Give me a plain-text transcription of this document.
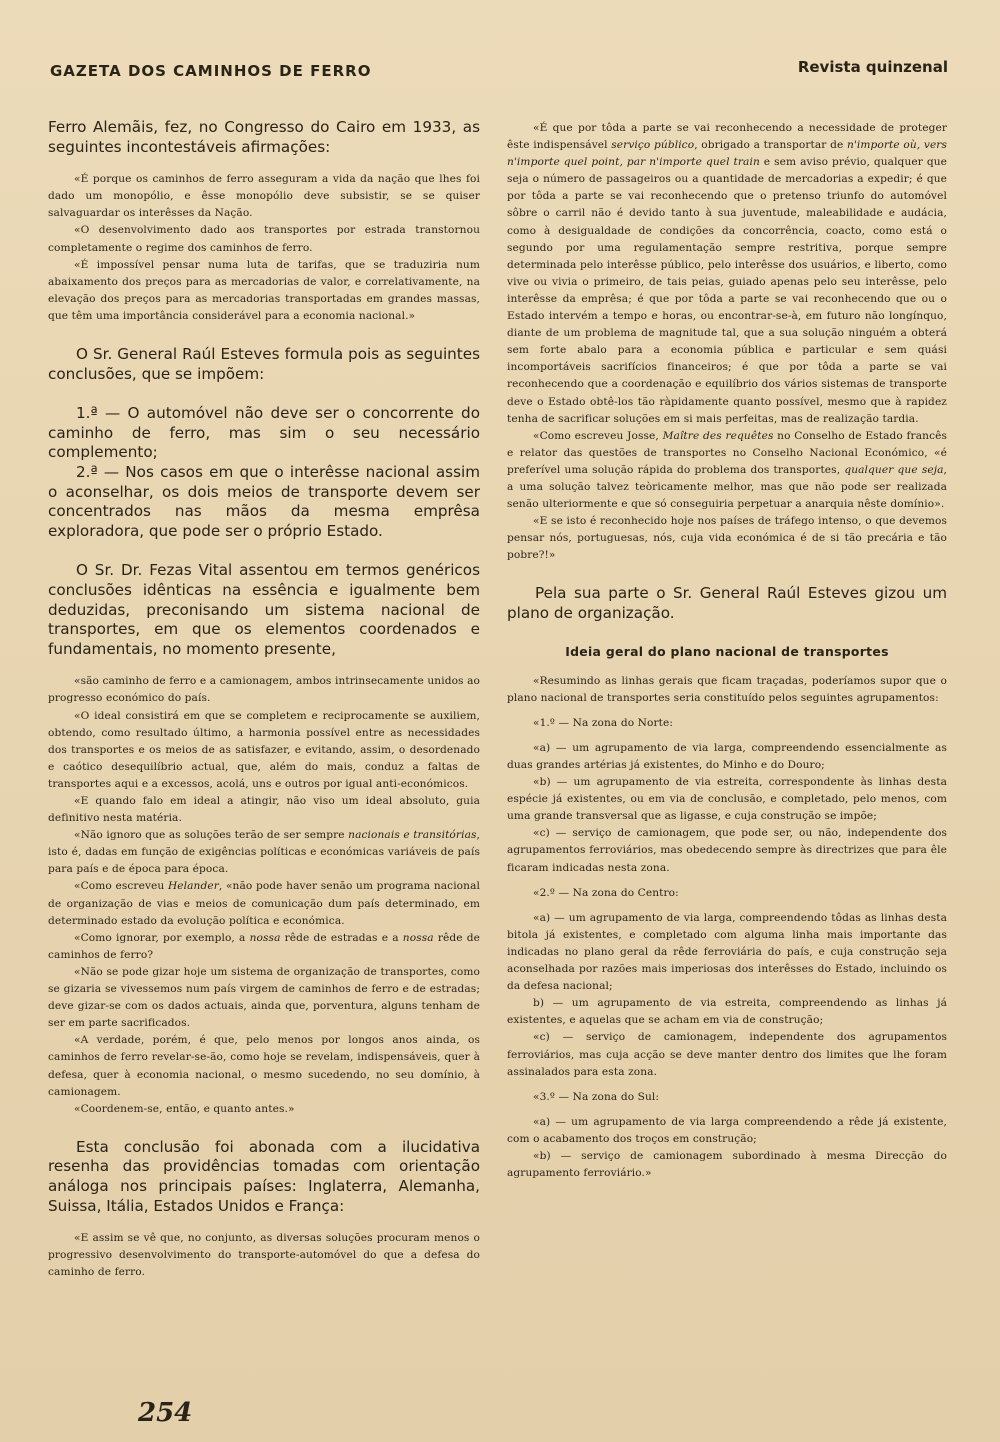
GAZETA DOS CAMINHOS DE FERRO	Revista quinzenal

Ferro Alemãis, fez, no Congresso do Cairo em 1933, as seguintes incontestáveis afirmações:

«É porque os caminhos de ferro asseguram a vida da nação que lhes foi dado um monopólio, e êsse monopólio deve subsistir, se se quiser salvaguardar os interêsses da Nação.

«O desenvolvimento dado aos transportes por estrada transtornou completamente o regime dos caminhos de ferro.

«É impossível pensar numa luta de tarifas, que se traduziria num abaixamento dos preços para as mercadorias de valor, e correlativamente, na elevação dos preços para as mercadorias transportadas em grandes massas, que têm uma importância considerável para a economia nacional.»

O Sr. General Raúl Esteves formula pois as seguintes conclusões, que se impõem:

1.ª — O automóvel não deve ser o concorrente do caminho de ferro, mas sim o seu necessário complemento;

2.ª — Nos casos em que o interêsse nacional assim o aconselhar, os dois meios de transporte devem ser concentrados nas mãos da mesma emprêsa exploradora, que pode ser o próprio Estado.

O Sr. Dr. Fezas Vital assentou em termos genéricos conclusões idênticas na essência e igualmente bem deduzidas, preconisando um sistema nacional de transportes, em que os elementos coordenados e fundamentais, no momento presente,

«são caminho de ferro e a camionagem, ambos intrinsecamente unidos ao progresso económico do país.

«O ideal consistirá em que se completem e reciprocamente se auxiliem, obtendo, como resultado último, a harmonia possível entre as necessidades dos transportes e os meios de as satisfazer, e evitando, assim, o desordenado e caótico desequilíbrio actual, que, além do mais, conduz a faltas de transportes aqui e a excessos, acolá, uns e outros por igual anti-económicos.

«E quando falo em ideal a atingir, não viso um ideal absoluto, guia definitivo nesta matéria.

«Não ignoro que as soluções terão de ser sempre nacionais e transitórias, isto é, dadas em função de exigências políticas e económicas variáveis de país para país e de época para época.

«Como escreveu Helander, «não pode haver senão um programa nacional de organização de vias e meios de comunicação dum país determinado, em determinado estado da evolução política e económica.

«Como ignorar, por exemplo, a nossa rêde de estradas e a nossa rêde de caminhos de ferro?

«Não se pode gizar hoje um sistema de organização de transportes, como se gizaria se vivessemos num país virgem de caminhos de ferro e de estradas; deve gizar-se com os dados actuais, ainda que, porventura, alguns tenham de ser em parte sacrificados.

«A verdade, porém, é que, pelo menos por longos anos ainda, os caminhos de ferro revelar-se-ão, como hoje se revelam, indispensáveis, quer à defesa, quer à economia nacional, o mesmo sucedendo, no seu domínio, à camionagem.

«Coordenem-se, então, e quanto antes.»

Esta conclusão foi abonada com a ilucidativa resenha das providências tomadas com orientação análoga nos principais países: Inglaterra, Alemanha, Suissa, Itália, Estados Unidos e França:

«E assim se vê que, no conjunto, as diversas soluções procuram menos o progressivo desenvolvimento do transporte-automóvel do que a defesa do caminho de ferro.

«É que por tôda a parte se vai reconhecendo a necessidade de proteger êste indispensável serviço público, obrigado a transportar de n'importe où, vers n'importe quel point, par n'importe quel train e sem aviso prévio, qualquer que seja o número de passageiros ou a quantidade de mercadorias a expedir; é que por tôda a parte se vai reconhecendo que o pretenso triunfo do automóvel sôbre o carril não é devido tanto à sua juventude, maleabilidade e audácia, como à desigualdade de condições da concorrência, coacto, como está o segundo por uma regulamentação sempre restritiva, porque sempre determinada pelo interêsse público, pelo interêsse dos usuários, e liberto, como vive ou vivia o primeiro, de tais peias, guiado apenas pelo seu interêsse, pelo interêsse da emprêsa; é que por tôda a parte se vai reconhecendo que ou o Estado intervém a tempo e horas, ou encontrar-se-à, em futuro não longínquo, diante de um problema de magnitude tal, que a sua solução ninguém a obterá sem forte abalo para a economia pública e particular e sem quási incomportáveis sacrifícios financeiros; é que por tôda a parte se vai reconhecendo que a coordenação e equilíbrio dos vários sistemas de transporte deve o Estado obtê-los tão ràpidamente quanto possível, mesmo que à rapidez tenha de sacrificar soluções em si mais perfeitas, mas de realização tardia.

«Como escreveu Josse, Maître des requêtes no Conselho de Estado francês e relator das questões de transportes no Conselho Nacional Económico, «é preferível uma solução rápida do problema dos transportes, qualquer que seja, a uma solução talvez teòricamente melhor, mas que não pode ser realizada senão ulteriormente e que só conseguiria perpetuar a anarquia nêste domínio».

«E se isto é reconhecido hoje nos países de tráfego intenso, o que devemos pensar nós, portuguesas, nós, cuja vida económica é de si tão precária e tão pobre?!»

Pela sua parte o Sr. General Raúl Esteves gizou um plano de organização.

Ideia geral do plano nacional de transportes

«Resumindo as linhas gerais que ficam traçadas, poderíamos supor que o plano nacional de transportes seria constituído pelos seguintes agrupamentos:

«1.º — Na zona do Norte:

«a) — um agrupamento de via larga, compreendendo essencialmente as duas grandes artérias já existentes, do Minho e do Douro;

«b) — um agrupamento de via estreita, correspondente às linhas desta espécie já existentes, ou em via de conclusão, e completado, pelo menos, com uma grande transversal que as ligasse, e cuja construção se impõe;

«c) — serviço de camionagem, que pode ser, ou não, independente dos agrupamentos ferroviários, mas obedecendo sempre às directrizes que para êle ficaram indicadas nesta zona.

«2.º — Na zona do Centro:

«a) — um agrupamento de via larga, compreendendo tôdas as linhas desta bitola já existentes, e completado com alguma linha mais importante das indicadas no plano geral da rêde ferroviária do país, e cuja construção seja aconselhada por razões mais imperiosas dos interêsses do Estado, incluindo os da defesa nacional;

b) — um agrupamento de via estreita, compreendendo as linhas já existentes, e aquelas que se acham em via de construção;

«c) — serviço de camionagem, independente dos agrupamentos ferroviários, mas cuja acção se deve manter dentro dos limites que lhe foram assinalados para esta zona.

«3.º — Na zona do Sul:

«a) — um agrupamento de via larga compreendendo a rêde já existente, com o acabamento dos troços em construção;

«b) — serviço de camionagem subordinado à mesma Direcção do agrupamento ferroviário.»

254
